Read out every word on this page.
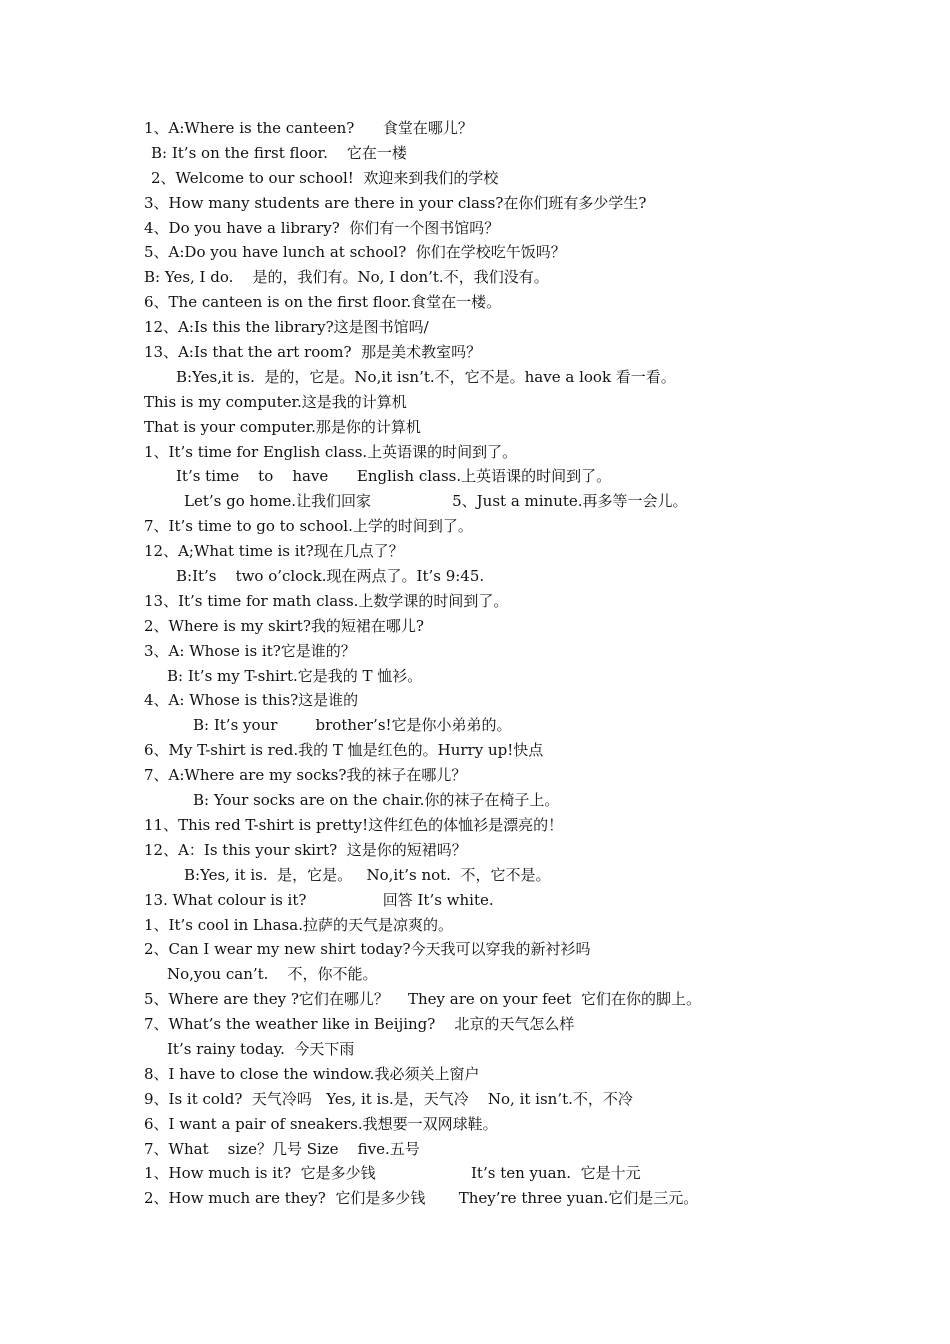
1、A:Where is the canteen?      食堂在哪儿？
B: It’s on the first floor.    它在一楼
2、Welcome to our school!  欢迎来到我们的学校
3、How many students are there in your class?在你们班有多少学生?
4、Do you have a library?  你们有一个图书馆吗？
5、A:Do you have lunch at school?  你们在学校吃午饭吗？
B: Yes, I do.    是的，我们有。No, I don’t.不，我们没有。
6、The canteen is on the first floor.食堂在一楼。
12、A:Is this the library?这是图书馆吗/
13、A:Is that the art room?  那是美术教室吗？
B:Yes,it is.  是的，它是。No,it isn’t.不，它不是。have a look 看一看。
This is my computer.这是我的计算机
That is your computer.那是你的计算机
1、It’s time for English class.上英语课的时间到了。
It’s time    to    have      English class.上英语课的时间到了。
Let’s go home.让我们回家                 5、Just a minute.再多等一会儿。
7、It’s time to go to school.上学的时间到了。
12、A;What time is it?现在几点了？
B:It’s    two o’clock.现在两点了。It’s 9:45.
13、It’s time for math class.上数学课的时间到了。
2、Where is my skirt?我的短裙在哪儿?
3、A: Whose is it?它是谁的？
B: It’s my T-shirt.它是我的 T 恤衫。
4、A: Whose is this?这是谁的
B: It’s your        brother’s!它是你小弟弟的。
6、My T-shirt is red.我的 T 恤是红色的。Hurry up!快点
7、A:Where are my socks?我的袜子在哪儿？
B: Your socks are on the chair.你的袜子在椅子上。
11、This red T-shirt is pretty!这件红色的体恤衫是漂亮的！
12、A：Is this your skirt?  这是你的短裙吗？
B:Yes, it is.  是，它是。   No,it’s not.  不，它不是。
13. What colour is it?                回答 It’s white.
1、It’s cool in Lhasa.拉萨的天气是凉爽的。
2、Can I wear my new shirt today?今天我可以穿我的新衬衫吗
No,you can’t.    不，你不能。
5、Where are they ?它们在哪儿？    They are on your feet  它们在你的脚上。
7、What’s the weather like in Beijing?    北京的天气怎么样
It’s rainy today.  今天下雨
8、I have to close the window.我必须关上窗户
9、Is it cold?  天气冷吗   Yes, it is.是，天气冷    No, it isn’t.不，不冷
6、I want a pair of sneakers.我想要一双网球鞋。
7、What    size？几号 Size    five.五号
1、How much is it?  它是多少钱                    It’s ten yuan.  它是十元
2、How much are they?  它们是多少钱       They’re three yuan.它们是三元。
